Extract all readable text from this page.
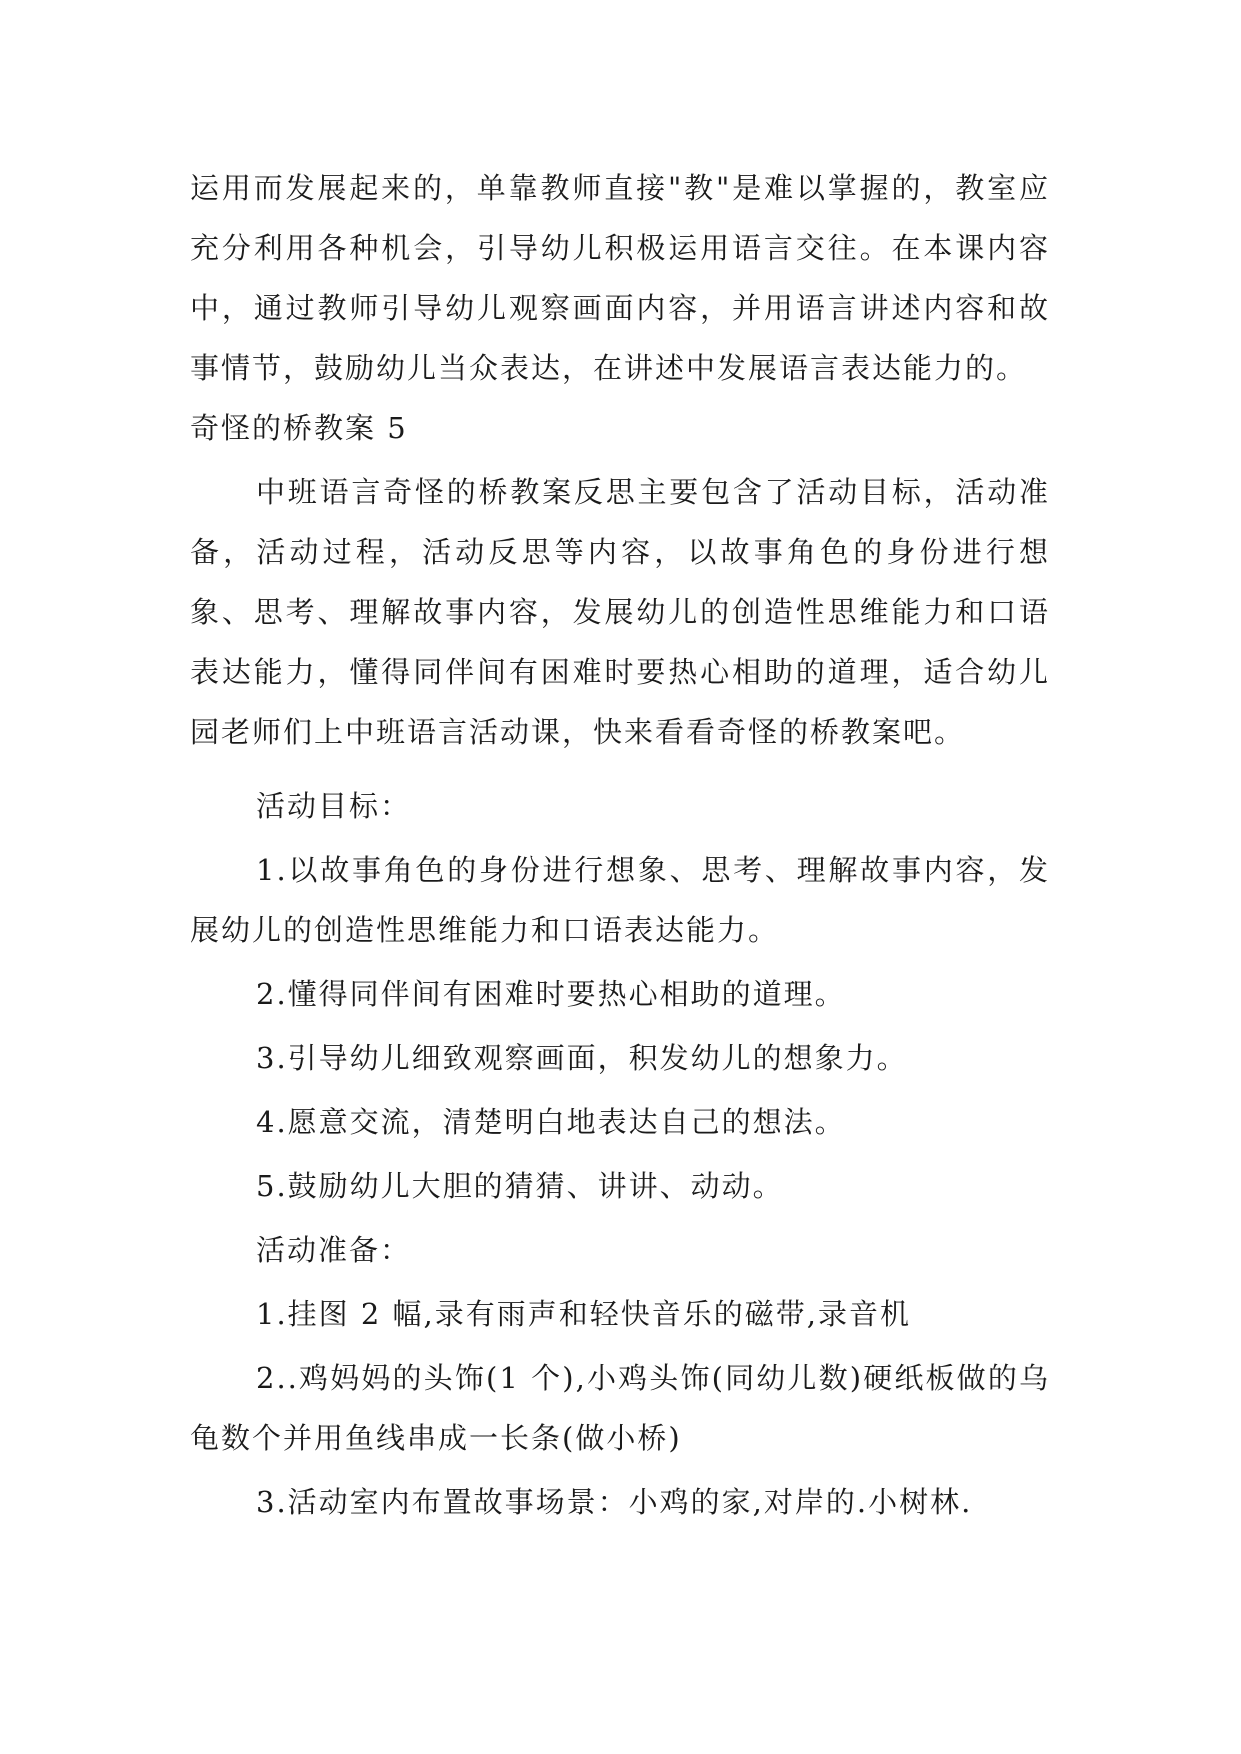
运用而发展起来的，单靠教师直接"教"是难以掌握的，教室应充分利用各种机会，引导幼儿积极运用语言交往。在本课内容中，通过教师引导幼儿观察画面内容，并用语言讲述内容和故事情节，鼓励幼儿当众表达，在讲述中发展语言表达能力的。

奇怪的桥教案 5

中班语言奇怪的桥教案反思主要包含了活动目标，活动准备，活动过程，活动反思等内容，以故事角色的身份进行想象、思考、理解故事内容，发展幼儿的创造性思维能力和口语表达能力，懂得同伴间有困难时要热心相助的道理，适合幼儿园老师们上中班语言活动课，快来看看奇怪的桥教案吧。

活动目标：

1.以故事角色的身份进行想象、思考、理解故事内容，发展幼儿的创造性思维能力和口语表达能力。

2.懂得同伴间有困难时要热心相助的道理。

3.引导幼儿细致观察画面，积发幼儿的想象力。

4.愿意交流，清楚明白地表达自己的想法。

5.鼓励幼儿大胆的猜猜、讲讲、动动。

活动准备：

1.挂图 2 幅,录有雨声和轻快音乐的磁带,录音机

2..鸡妈妈的头饰(1 个),小鸡头饰(同幼儿数)硬纸板做的乌龟数个并用鱼线串成一长条(做小桥)

3.活动室内布置故事场景：小鸡的家,对岸的.小树林.
